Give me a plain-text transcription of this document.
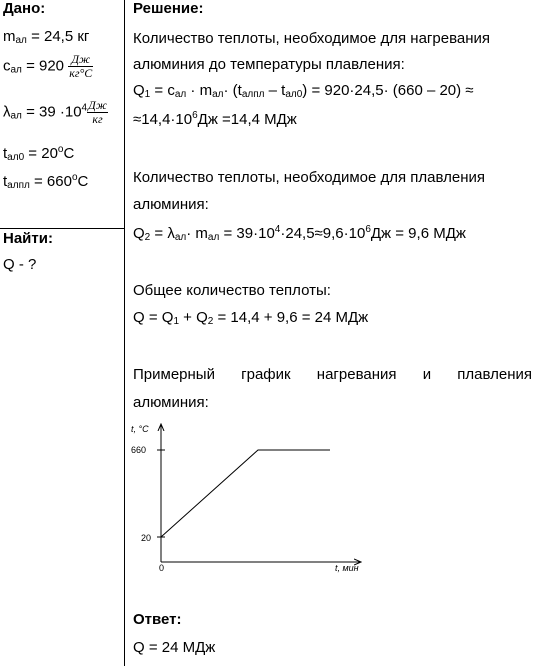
Дано:
$m_{ал} = 24,5$ кг
$c_{ал} = 920 \frac{Дж}{кг^\circ С}$
$\lambda_{ал} = 39 \cdot 10^4 \frac{Дж}{кг}$
$t_{ал0} = 20^oC$
$t_{алпл} = 660^oC$
Найти:
Q - ?
Решение:
Количество теплоты, необходимое для нагревания
алюминия до температуры плавления:
$Q_1 = c_{ал} \cdot m_{ал}\cdot (t_{алпл} - t_{ал0}) = 920\cdot 24,5\cdot (660 - 20)$ ≈
$\approx 14,4\cdot 10^6Дж =14,4$ МДж
Количество теплоты, необходимое для плавления
алюминия:
$Q_2 = \lambda_{ал}\cdot m_{ал} = 39\cdot 10^4\cdot 24,5\approx 9,6\cdot 10^6Дж = 9,6$ МДж
Общее количество теплоты:
$Q = Q_1 + Q_2 = 14,4 + 9,6 = 24$ МДж
Примерный график нагревания и плавления
алюминия:
t, °C
660
20
0	t, мин
Ответ:
Q = 24 МДж
